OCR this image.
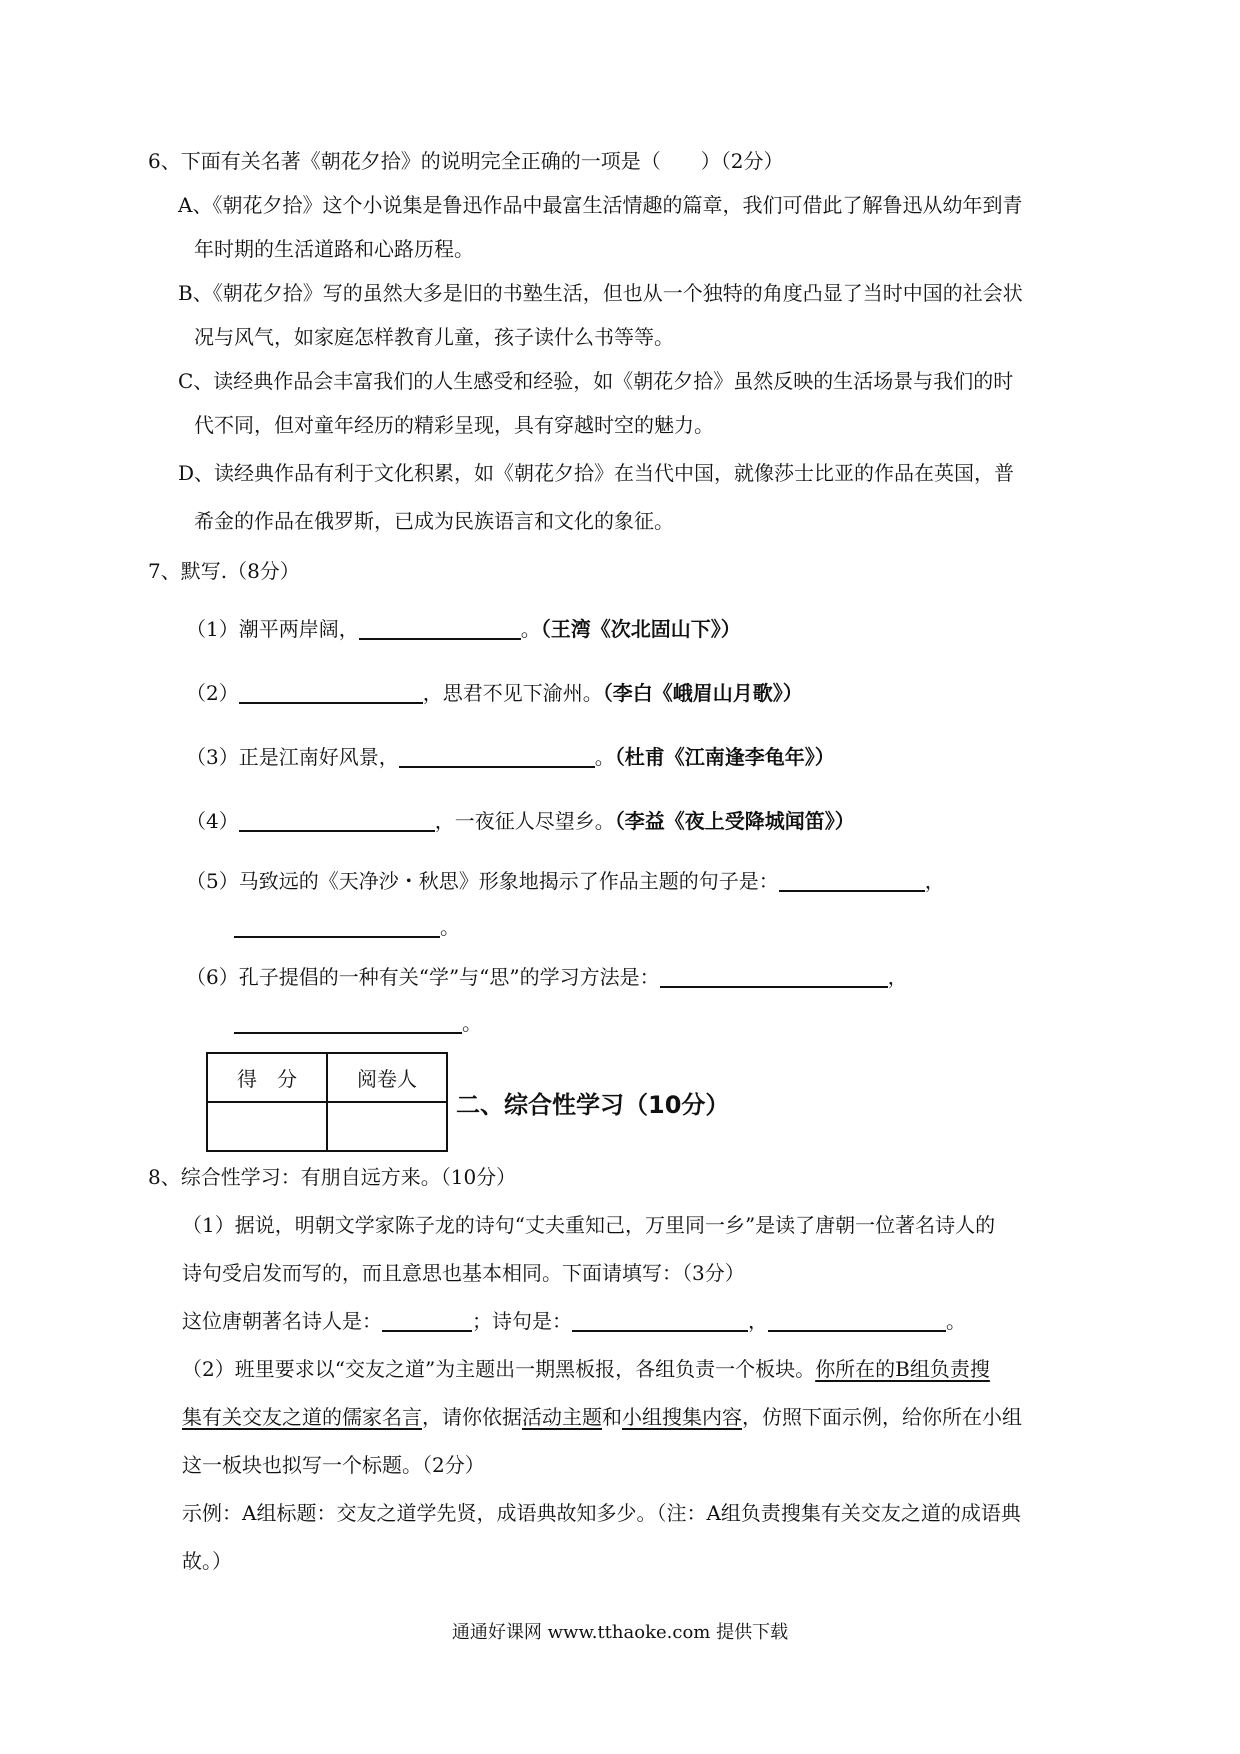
6、下面有关名著《朝花夕拾》的说明完全正确的一项是（　　）（2分）
A、《朝花夕拾》这个小说集是鲁迅作品中最富生活情趣的篇章，我们可借此了解鲁迅从幼年到青
年时期的生活道路和心路历程。
B、《朝花夕拾》写的虽然大多是旧的书塾生活，但也从一个独特的角度凸显了当时中国的社会状
况与风气，如家庭怎样教育儿童，孩子读什么书等等。
C、读经典作品会丰富我们的人生感受和经验，如《朝花夕拾》虽然反映的生活场景与我们的时
代不同，但对童年经历的精彩呈现，具有穿越时空的魅力。
D、读经典作品有利于文化积累，如《朝花夕拾》在当代中国，就像莎士比亚的作品在英国，普
希金的作品在俄罗斯，已成为民族语言和文化的象征。
7、默写.（8分）
（1）潮平两岸阔，	。（王湾《次北固山下》）
（2）	，思君不见下渝州。（李白《峨眉山月歌》）
（3）正是江南好风景，	。（杜甫《江南逢李龟年》）
（4）	，一夜征人尽望乡。（李益《夜上受降城闻笛》）
（5）马致远的《天净沙・秋思》形象地揭示了作品主题的句子是：	，
。
（6）孔子提倡的一种有关“学”与“思”的学习方法是：	，
。
得　分	阅卷人

二、综合性学习（10分）
8、综合性学习：有朋自远方来。（10分）
（1）据说，明朝文学家陈子龙的诗句“丈夫重知己，万里同一乡”是读了唐朝一位著名诗人的
诗句受启发而写的，而且意思也基本相同。下面请填写：（3分）
这位唐朝著名诗人是：	；诗句是：	，	。
（2）班里要求以“交友之道”为主题出一期黑板报，各组负责一个板块。你所在的B组负责搜
集有关交友之道的儒家名言，请你依据活动主题和小组搜集内容，仿照下面示例，给你所在小组
这一板块也拟写一个标题。（2分）
示例：A组标题：交友之道学先贤，成语典故知多少。（注：A组负责搜集有关交友之道的成语典
故。）
通通好课网 www.tthaoke.com 提供下载
